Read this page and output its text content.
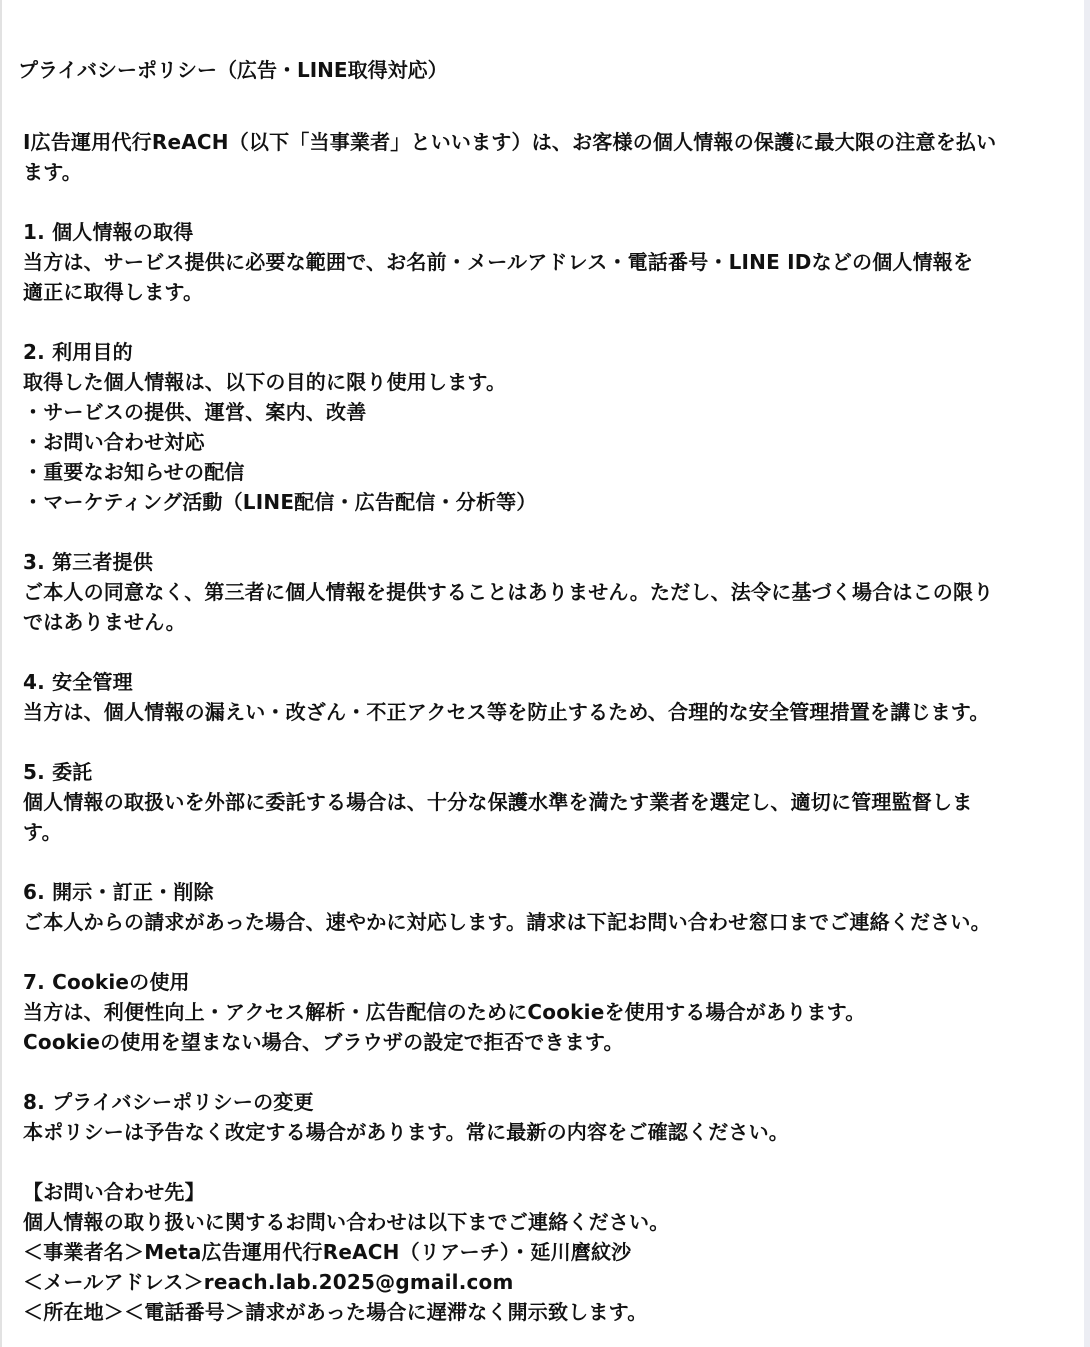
プライバシーポリシー（広告・LINE取得対応）
I広告運用代行ReACH（以下「当事業者」といいます）は、お客様の個人情報の保護に最大限の注意を払い
ます。
1. 個人情報の取得
当方は、サービス提供に必要な範囲で、お名前・メールアドレス・電話番号・LINE IDなどの個人情報を
適正に取得します。
2. 利用目的
取得した個人情報は、以下の目的に限り使用します。
・サービスの提供、運営、案内、改善
・お問い合わせ対応
・重要なお知らせの配信
・マーケティング活動（LINE配信・広告配信・分析等）
3. 第三者提供
ご本人の同意なく、第三者に個人情報を提供することはありません。ただし、法令に基づく場合はこの限り
ではありません。
4. 安全管理
当方は、個人情報の漏えい・改ざん・不正アクセス等を防止するため、合理的な安全管理措置を講じます。
5. 委託
個人情報の取扱いを外部に委託する場合は、十分な保護水準を満たす業者を選定し、適切に管理監督しま
す。
6. 開示・訂正・削除
ご本人からの請求があった場合、速やかに対応します。請求は下記お問い合わせ窓口までご連絡ください。
7. Cookieの使用
当方は、利便性向上・アクセス解析・広告配信のためにCookieを使用する場合があります。
Cookieの使用を望まない場合、ブラウザの設定で拒否できます。
8. プライバシーポリシーの変更
本ポリシーは予告なく改定する場合があります。常に最新の内容をご確認ください。
【お問い合わせ先】
個人情報の取り扱いに関するお問い合わせは以下までご連絡ください。
＜事業者名＞Meta広告運用代行ReACH（リアーチ）・延川麿紋沙
＜メールアドレス＞reach.lab.2025@gmail.com
＜所在地＞＜電話番号＞請求があった場合に遅滞なく開示致します。
